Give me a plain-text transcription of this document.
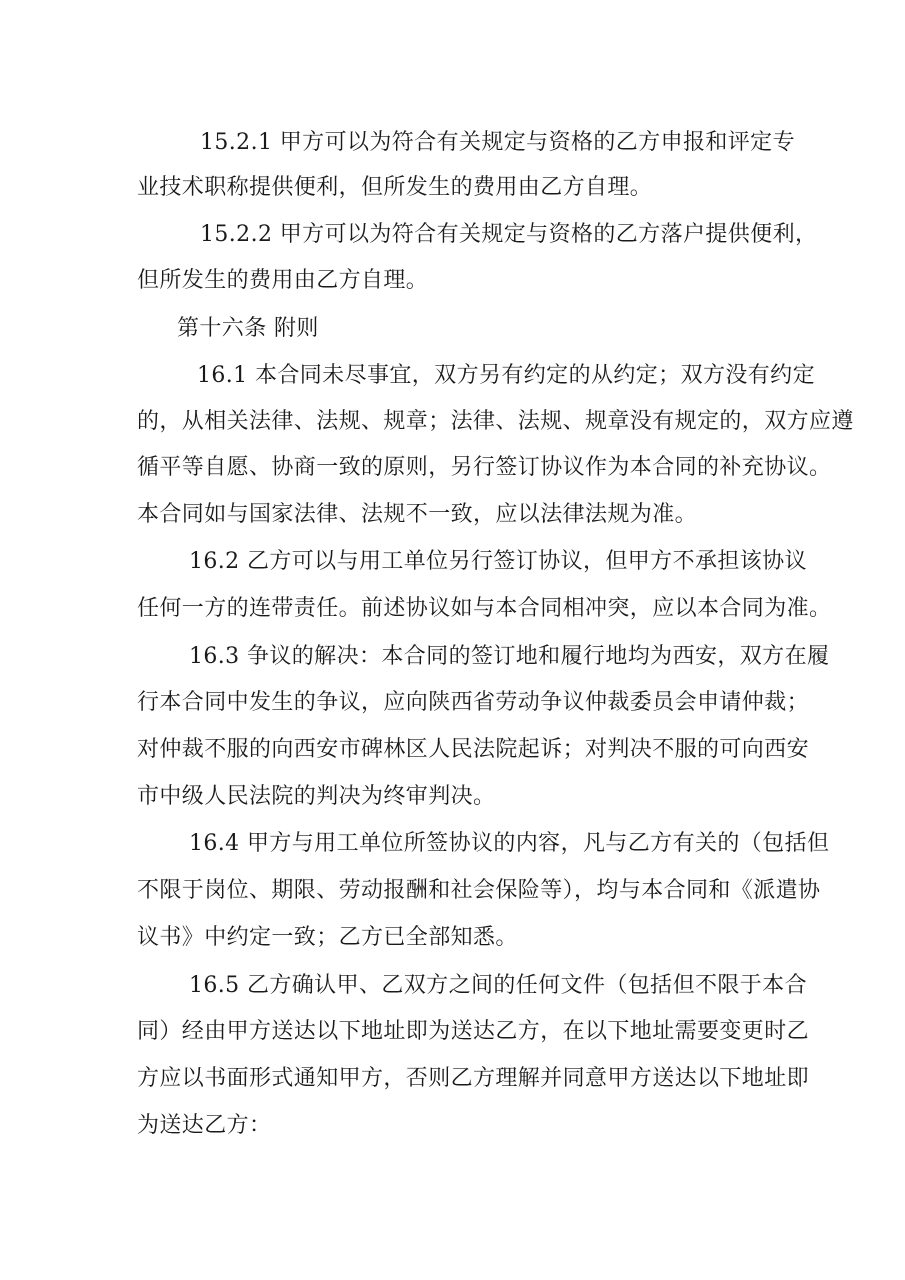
15.2.1 甲方可以为符合有关规定与资格的乙方申报和评定专
业技术职称提供便利，但所发生的费用由乙方自理。
15.2.2 甲方可以为符合有关规定与资格的乙方落户提供便利，
但所发生的费用由乙方自理。
第十六条 附则
16.1 本合同未尽事宜，双方另有约定的从约定；双方没有约定
的，从相关法律、法规、规章；法律、法规、规章没有规定的，双方应遵
循平等自愿、协商一致的原则，另行签订协议作为本合同的补充协议。
本合同如与国家法律、法规不一致，应以法律法规为准。
16.2 乙方可以与用工单位另行签订协议，但甲方不承担该协议
任何一方的连带责任。前述协议如与本合同相冲突，应以本合同为准。
16.3 争议的解决：本合同的签订地和履行地均为西安，双方在履
行本合同中发生的争议，应向陕西省劳动争议仲裁委员会申请仲裁；
对仲裁不服的向西安市碑林区人民法院起诉；对判决不服的可向西安
市中级人民法院的判决为终审判决。
16.4 甲方与用工单位所签协议的内容，凡与乙方有关的（包括但
不限于岗位、期限、劳动报酬和社会保险等），均与本合同和《派遣协
议书》中约定一致；乙方已全部知悉。
16.5 乙方确认甲、乙双方之间的任何文件（包括但不限于本合
同）经由甲方送达以下地址即为送达乙方，在以下地址需要变更时乙
方应以书面形式通知甲方，否则乙方理解并同意甲方送达以下地址即
为送达乙方：
